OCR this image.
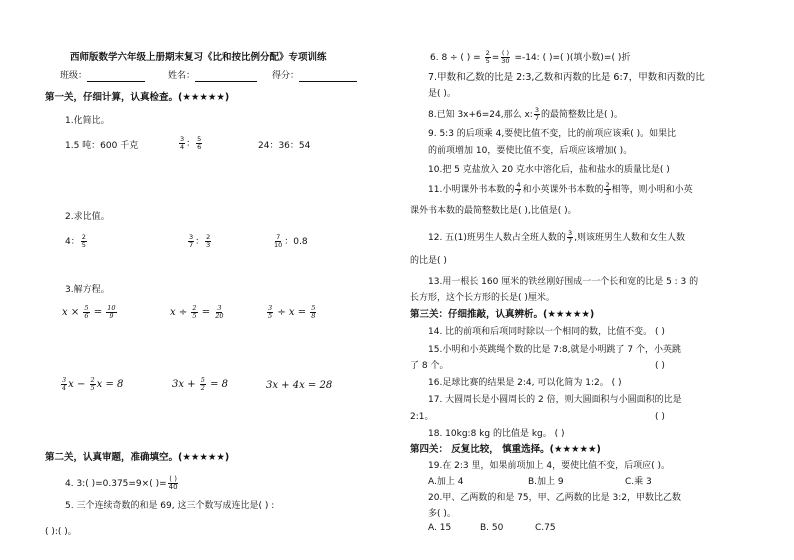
西师版数学六年级上册期末复习《比和按比例分配》专项训练
班级：	姓名：	得分：
第一关，仔细计算，认真检查。(★★★★★)
1.化简比。
1.5 吨：600 千克	$\frac{3}{4}$ ： $\frac{5}{6}$	24：36：54
2.求比值。
4： $\frac{2}{5}$	$\frac{3}{7}$ ： $\frac{2}{3}$	$\frac{7}{10}$ ：0.8
3.解方程。
$x \times \frac{5}{6} = \frac{10}{9}$	$x \div \frac{2}{5} = \frac{3}{20}$	$\frac{3}{5} \div x = \frac{5}{8}$
$\frac{3}{4}$ $x - \frac{2}{5}$ x = 8	$3x + \frac{5}{2} = 8$	3x + 4x = 28
第二关，认真审题，准确填空。(★★★★★)
4. 3:( )=0.375=9×( )= $\frac{( )}{40}$
5. 三个连续奇数的和是 69, 这三个数写成连比是( ) :
( ):( )。
6. 8 ÷ ( ) = $\frac{2}{5} = \frac{( )}{30} =-14$: ( )=( )(填小数)=( )折
7.甲数和乙数的比是 2:3,乙数和丙数的比是 6:7，甲数和丙数的比
是( )。
8.已知 3x+6=24,那么 x: $\frac{3}{7}$ 的最简整数比是( )。
9. 5:3 的后项乘 4,要使比值不变，比的前项应该乘( )。如果比
的前项增加 10，要使比值不变，后项应该增加( )。
10.把 5 克盐放入 20 克水中溶化后，盐和盐水的质量比是( )
11.小明课外书本数的 $\frac{4}{7}$ 和小英课外书本数的 $\frac{2}{3}$ 相等，则小明和小英
课外书本数的最简整数比是( ),比值是( )。
12. 五(1)班男生人数占全班人数的 $\frac{3}{7}$ ,则该班男生人数和女生人数
的比是( )
13.用一根长 160 厘米的铁丝刚好围成一一个长和宽的比是 5 : 3 的
长方形，这个长方形的长是( )厘米。
第三关：仔细推敲，认真辨析。(★★★★★)
14. 比的前项和后项同时除以一个相同的数，比值不变。 ( )
15.小明和小英跳绳个数的比是 7:8,就是小明跳了 7 个，小英跳
了 8 个。	( )
16.足球比赛的结果是 2:4, 可以化简为 1:2。 ( )
17. 大圆周长是小圆周长的 2 倍，则大圆面积与小圆面积的比是
2:1。	( )
18. 10kg:8 kg 的比值是 kg。 ( )
第四关： 反复比较， 慎重选择。(★★★★★)
19.在 2:3 里，如果前项加上 4，要使比值不变，后项应( )。
A.加上 4	B.加上 9	C.乘 3
20.甲、乙两数的和是 75，甲、乙两数的比是 3:2，甲数比乙数
多( )。
A. 15	B. 50	C.75
